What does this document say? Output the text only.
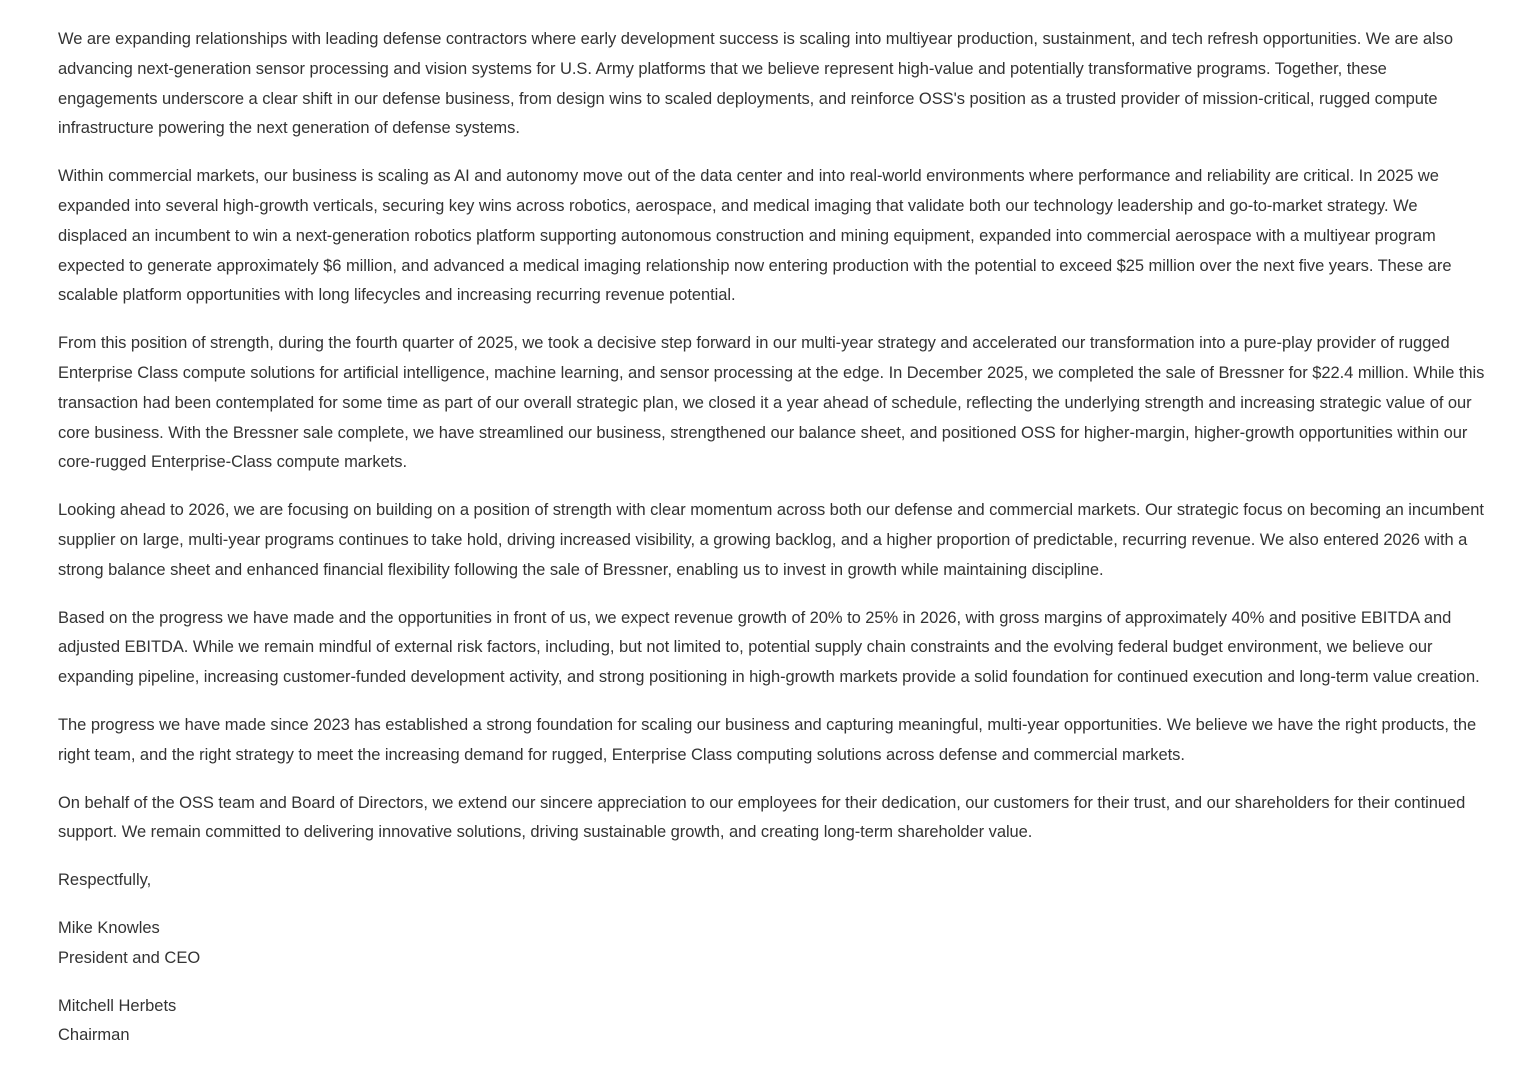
We are expanding relationships with leading defense contractors where early development success is scaling into multiyear production, sustainment, and tech refresh opportunities. We are also advancing next-generation sensor processing and vision systems for U.S. Army platforms that we believe represent high-value and potentially transformative programs. Together, these engagements underscore a clear shift in our defense business, from design wins to scaled deployments, and reinforce OSS's position as a trusted provider of mission-critical, rugged compute infrastructure powering the next generation of defense systems.

Within commercial markets, our business is scaling as AI and autonomy move out of the data center and into real-world environments where performance and reliability are critical. In 2025 we expanded into several high-growth verticals, securing key wins across robotics, aerospace, and medical imaging that validate both our technology leadership and go-to-market strategy. We displaced an incumbent to win a next-generation robotics platform supporting autonomous construction and mining equipment, expanded into commercial aerospace with a multiyear program expected to generate approximately $6 million, and advanced a medical imaging relationship now entering production with the potential to exceed $25 million over the next five years. These are scalable platform opportunities with long lifecycles and increasing recurring revenue potential.

From this position of strength, during the fourth quarter of 2025, we took a decisive step forward in our multi-year strategy and accelerated our transformation into a pure-play provider of rugged Enterprise Class compute solutions for artificial intelligence, machine learning, and sensor processing at the edge. In December 2025, we completed the sale of Bressner for $22.4 million. While this transaction had been contemplated for some time as part of our overall strategic plan, we closed it a year ahead of schedule, reflecting the underlying strength and increasing strategic value of our core business. With the Bressner sale complete, we have streamlined our business, strengthened our balance sheet, and positioned OSS for higher-margin, higher-growth opportunities within our core-rugged Enterprise-Class compute markets.

Looking ahead to 2026, we are focusing on building on a position of strength with clear momentum across both our defense and commercial markets. Our strategic focus on becoming an incumbent supplier on large, multi-year programs continues to take hold, driving increased visibility, a growing backlog, and a higher proportion of predictable, recurring revenue. We also entered 2026 with a strong balance sheet and enhanced financial flexibility following the sale of Bressner, enabling us to invest in growth while maintaining discipline.

Based on the progress we have made and the opportunities in front of us, we expect revenue growth of 20% to 25% in 2026, with gross margins of approximately 40% and positive EBITDA and adjusted EBITDA. While we remain mindful of external risk factors, including, but not limited to, potential supply chain constraints and the evolving federal budget environment, we believe our expanding pipeline, increasing customer-funded development activity, and strong positioning in high-growth markets provide a solid foundation for continued execution and long-term value creation.

The progress we have made since 2023 has established a strong foundation for scaling our business and capturing meaningful, multi-year opportunities. We believe we have the right products, the right team, and the right strategy to meet the increasing demand for rugged, Enterprise Class computing solutions across defense and commercial markets.

On behalf of the OSS team and Board of Directors, we extend our sincere appreciation to our employees for their dedication, our customers for their trust, and our shareholders for their continued support. We remain committed to delivering innovative solutions, driving sustainable growth, and creating long-term shareholder value.

Respectfully,

Mike Knowles
President and CEO
Mitchell Herbets
Chairman
